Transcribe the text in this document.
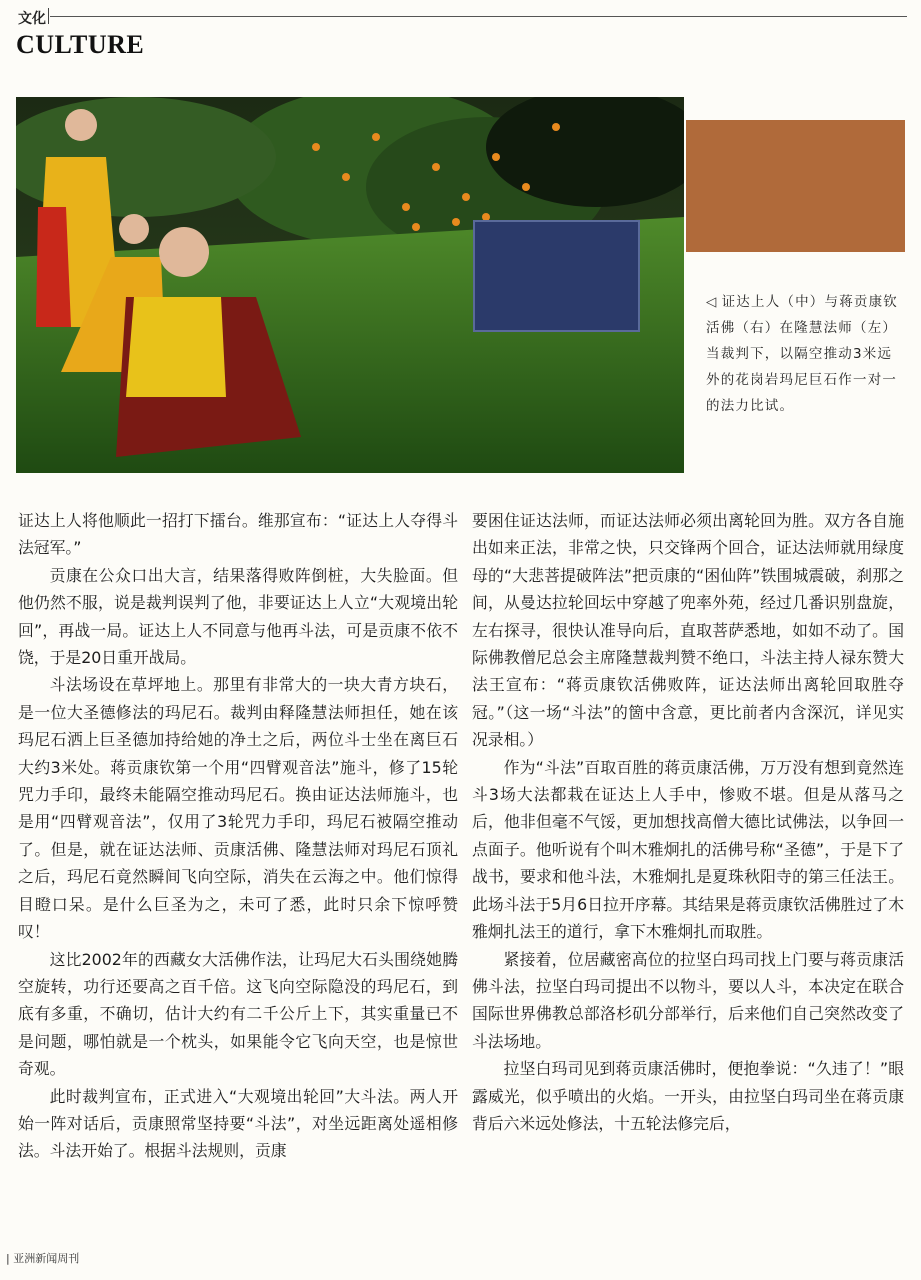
文化
CULTURE
◁ 证达上人（中）与蒋贡康钦活佛（右）在隆慧法师（左）当裁判下，以隔空推动3米远外的花岗岩玛尼巨石作一对一的法力比试。

证达上人将他顺此一招打下擂台。维那宣布：“证达上人夺得斗法冠军。”

贡康在公众口出大言，结果落得败阵倒桩，大失脸面。但他仍然不服，说是裁判误判了他，非要证达上人立“大观境出轮回”，再战一局。证达上人不同意与他再斗法，可是贡康不依不饶，于是20日重开战局。

斗法场设在草坪地上。那里有非常大的一块大青方块石，是一位大圣德修法的玛尼石。裁判由释隆慧法师担任，她在该玛尼石洒上巨圣德加持给她的净土之后，两位斗士坐在离巨石大约3米处。蒋贡康钦第一个用“四臂观音法”施斗，修了15轮咒力手印，最终未能隔空推动玛尼石。换由证达法师施斗，也是用“四臂观音法”，仅用了3轮咒力手印，玛尼石被隔空推动了。但是，就在证达法师、贡康活佛、隆慧法师对玛尼石顶礼之后，玛尼石竟然瞬间飞向空际，消失在云海之中。他们惊得目瞪口呆。是什么巨圣为之，未可了悉，此时只余下惊呼赞叹！

这比2002年的西藏女大活佛作法，让玛尼大石头围绕她腾空旋转，功行还要高之百千倍。这飞向空际隐没的玛尼石，到底有多重，不确切，估计大约有二千公斤上下，其实重量已不是问题，哪怕就是一个枕头，如果能令它飞向天空，也是惊世奇观。

此时裁判宣布，正式进入“大观境出轮回”大斗法。两人开始一阵对话后，贡康照常坚持要“斗法”，对坐远距离处遥相修法。斗法开始了。根据斗法规则，贡康

要困住证达法师，而证达法师必须出离轮回为胜。双方各自施出如来正法，非常之快，只交锋两个回合，证达法师就用绿度母的“大悲菩提破阵法”把贡康的“困仙阵”铁围城震破，刹那之间，从曼达拉轮回坛中穿越了兜率外苑，经过几番识别盘旋，左右探寻，很快认准导向后，直取菩萨悉地，如如不动了。国际佛教僧尼总会主席隆慧裁判赞不绝口，斗法主持人禄东赞大法王宣布：“蒋贡康钦活佛败阵，证达法师出离轮回取胜夺冠。”（这一场“斗法”的箇中含意，更比前者内含深沉，详见实况录相。）

作为“斗法”百取百胜的蒋贡康活佛，万万没有想到竟然连斗3场大法都栽在证达上人手中，惨败不堪。但是从落马之后，他非但毫不气馁，更加想找高僧大德比试佛法，以争回一点面子。他听说有个叫木雅炯扎的活佛号称“圣德”，于是下了战书，要求和他斗法，木雅炯扎是夏珠秋阳寺的第三任法王。此场斗法于5月6日拉开序幕。其结果是蒋贡康钦活佛胜过了木雅炯扎法王的道行，拿下木雅炯扎而取胜。

紧接着，位居藏密高位的拉坚白玛司找上门要与蒋贡康活佛斗法，拉坚白玛司提出不以物斗，要以人斗，本决定在联合国际世界佛教总部洛杉矶分部举行，后来他们自己突然改变了斗法场地。

拉坚白玛司见到蒋贡康活佛时，便抱拳说：“久违了！”眼露威光，似乎喷出的火焰。一开头，由拉坚白玛司坐在蒋贡康背后六米远处修法，十五轮法修完后，

| 亚洲新闻周刊
